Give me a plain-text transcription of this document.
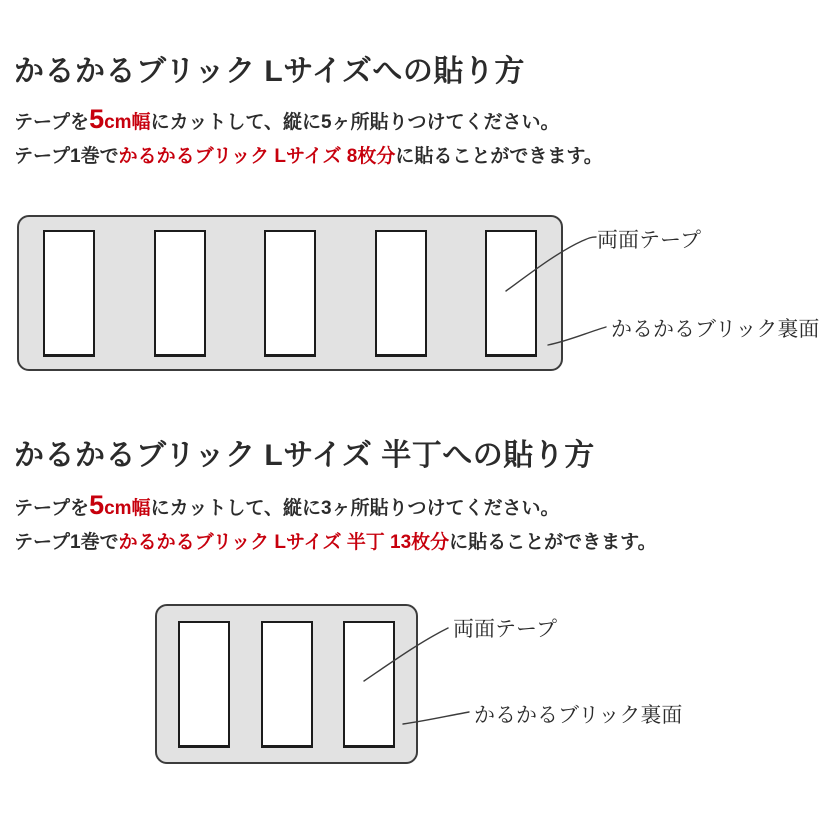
かるかるブリック Lサイズへの貼り方

テープを5cm幅にカットして、縦に5ヶ所貼りつけてください。
テープ1巻でかるかるブリック Lサイズ 8枚分に貼ることができます。

両面テープ
かるかるブリック裏面
かるかるブリック Lサイズ 半丁への貼り方

テープを5cm幅にカットして、縦に3ヶ所貼りつけてください。
テープ1巻でかるかるブリック Lサイズ 半丁 13枚分に貼ることができます。

両面テープ
かるかるブリック裏面
